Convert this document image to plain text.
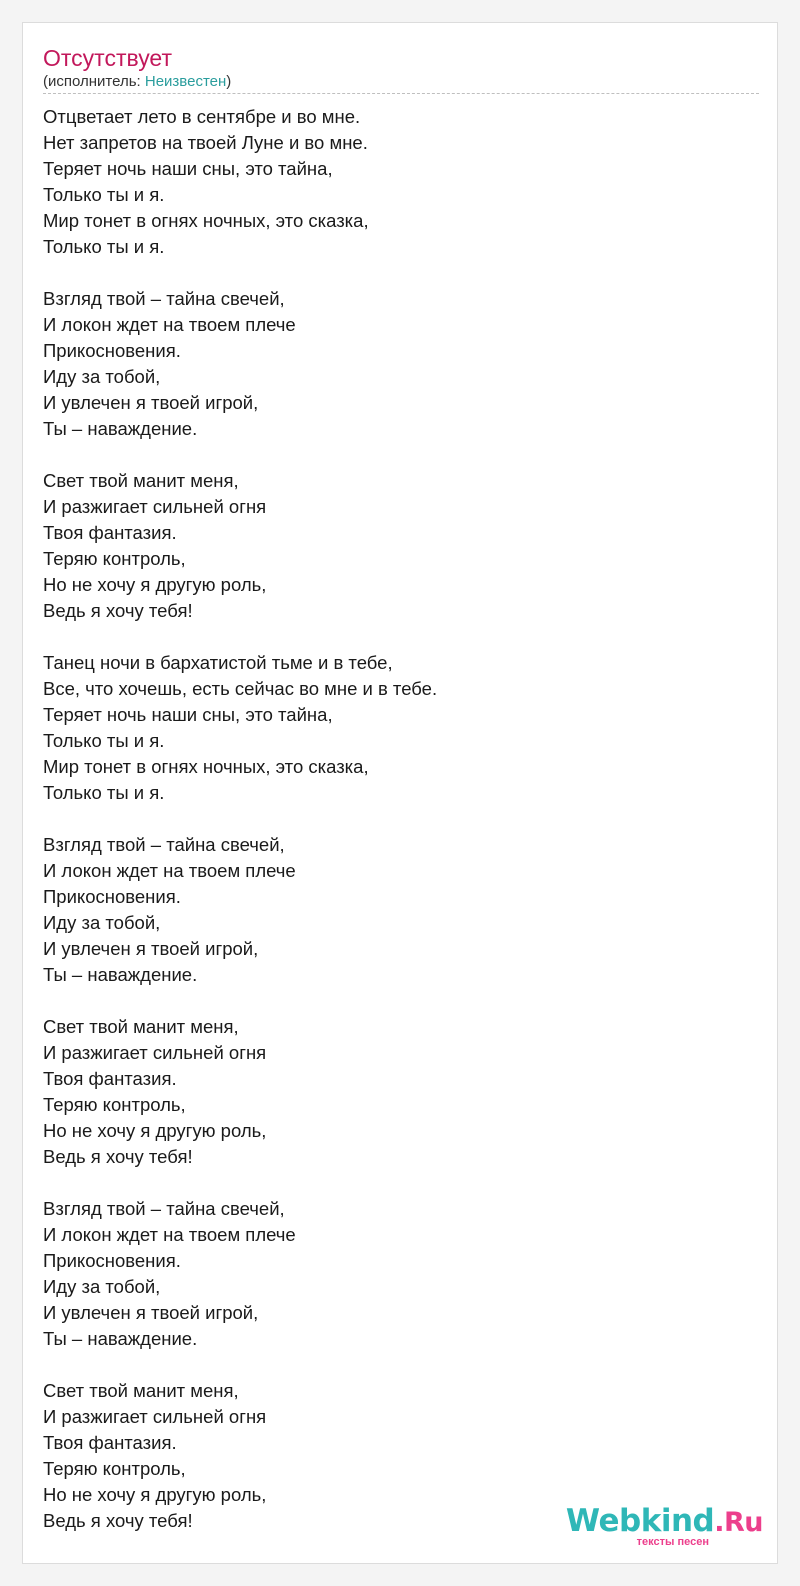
Отсутствует
(исполнитель: Неизвестен)
Отцветает лето в сентябре и во мне.
Нет запретов на твоей Луне и во мне.
Теряет ночь наши сны, это тайна,
Только ты и я.
Мир тонет в огнях ночных, это сказка,
Только ты и я.
Взгляд твой – тайна свечей,
И локон ждет на твоем плече
Прикосновения.
Иду за тобой,
И увлечен я твоей игрой,
Ты – наваждение.
Свет твой манит меня,
И разжигает сильней огня
Твоя фантазия.
Теряю контроль,
Но не хочу я другую роль,
Ведь я хочу тебя!
Танец ночи в бархатистой тьме и в тебе,
Все, что хочешь, есть сейчас во мне и в тебе.
Теряет ночь наши сны, это тайна,
Только ты и я.
Мир тонет в огнях ночных, это сказка,
Только ты и я.
Взгляд твой – тайна свечей,
И локон ждет на твоем плече
Прикосновения.
Иду за тобой,
И увлечен я твоей игрой,
Ты – наваждение.
Свет твой манит меня,
И разжигает сильней огня
Твоя фантазия.
Теряю контроль,
Но не хочу я другую роль,
Ведь я хочу тебя!
Взгляд твой – тайна свечей,
И локон ждет на твоем плече
Прикосновения.
Иду за тобой,
И увлечен я твоей игрой,
Ты – наваждение.
Свет твой манит меня,
И разжигает сильней огня
Твоя фантазия.
Теряю контроль,
Но не хочу я другую роль,
Ведь я хочу тебя!	Webkind.Ru
тексты песен
